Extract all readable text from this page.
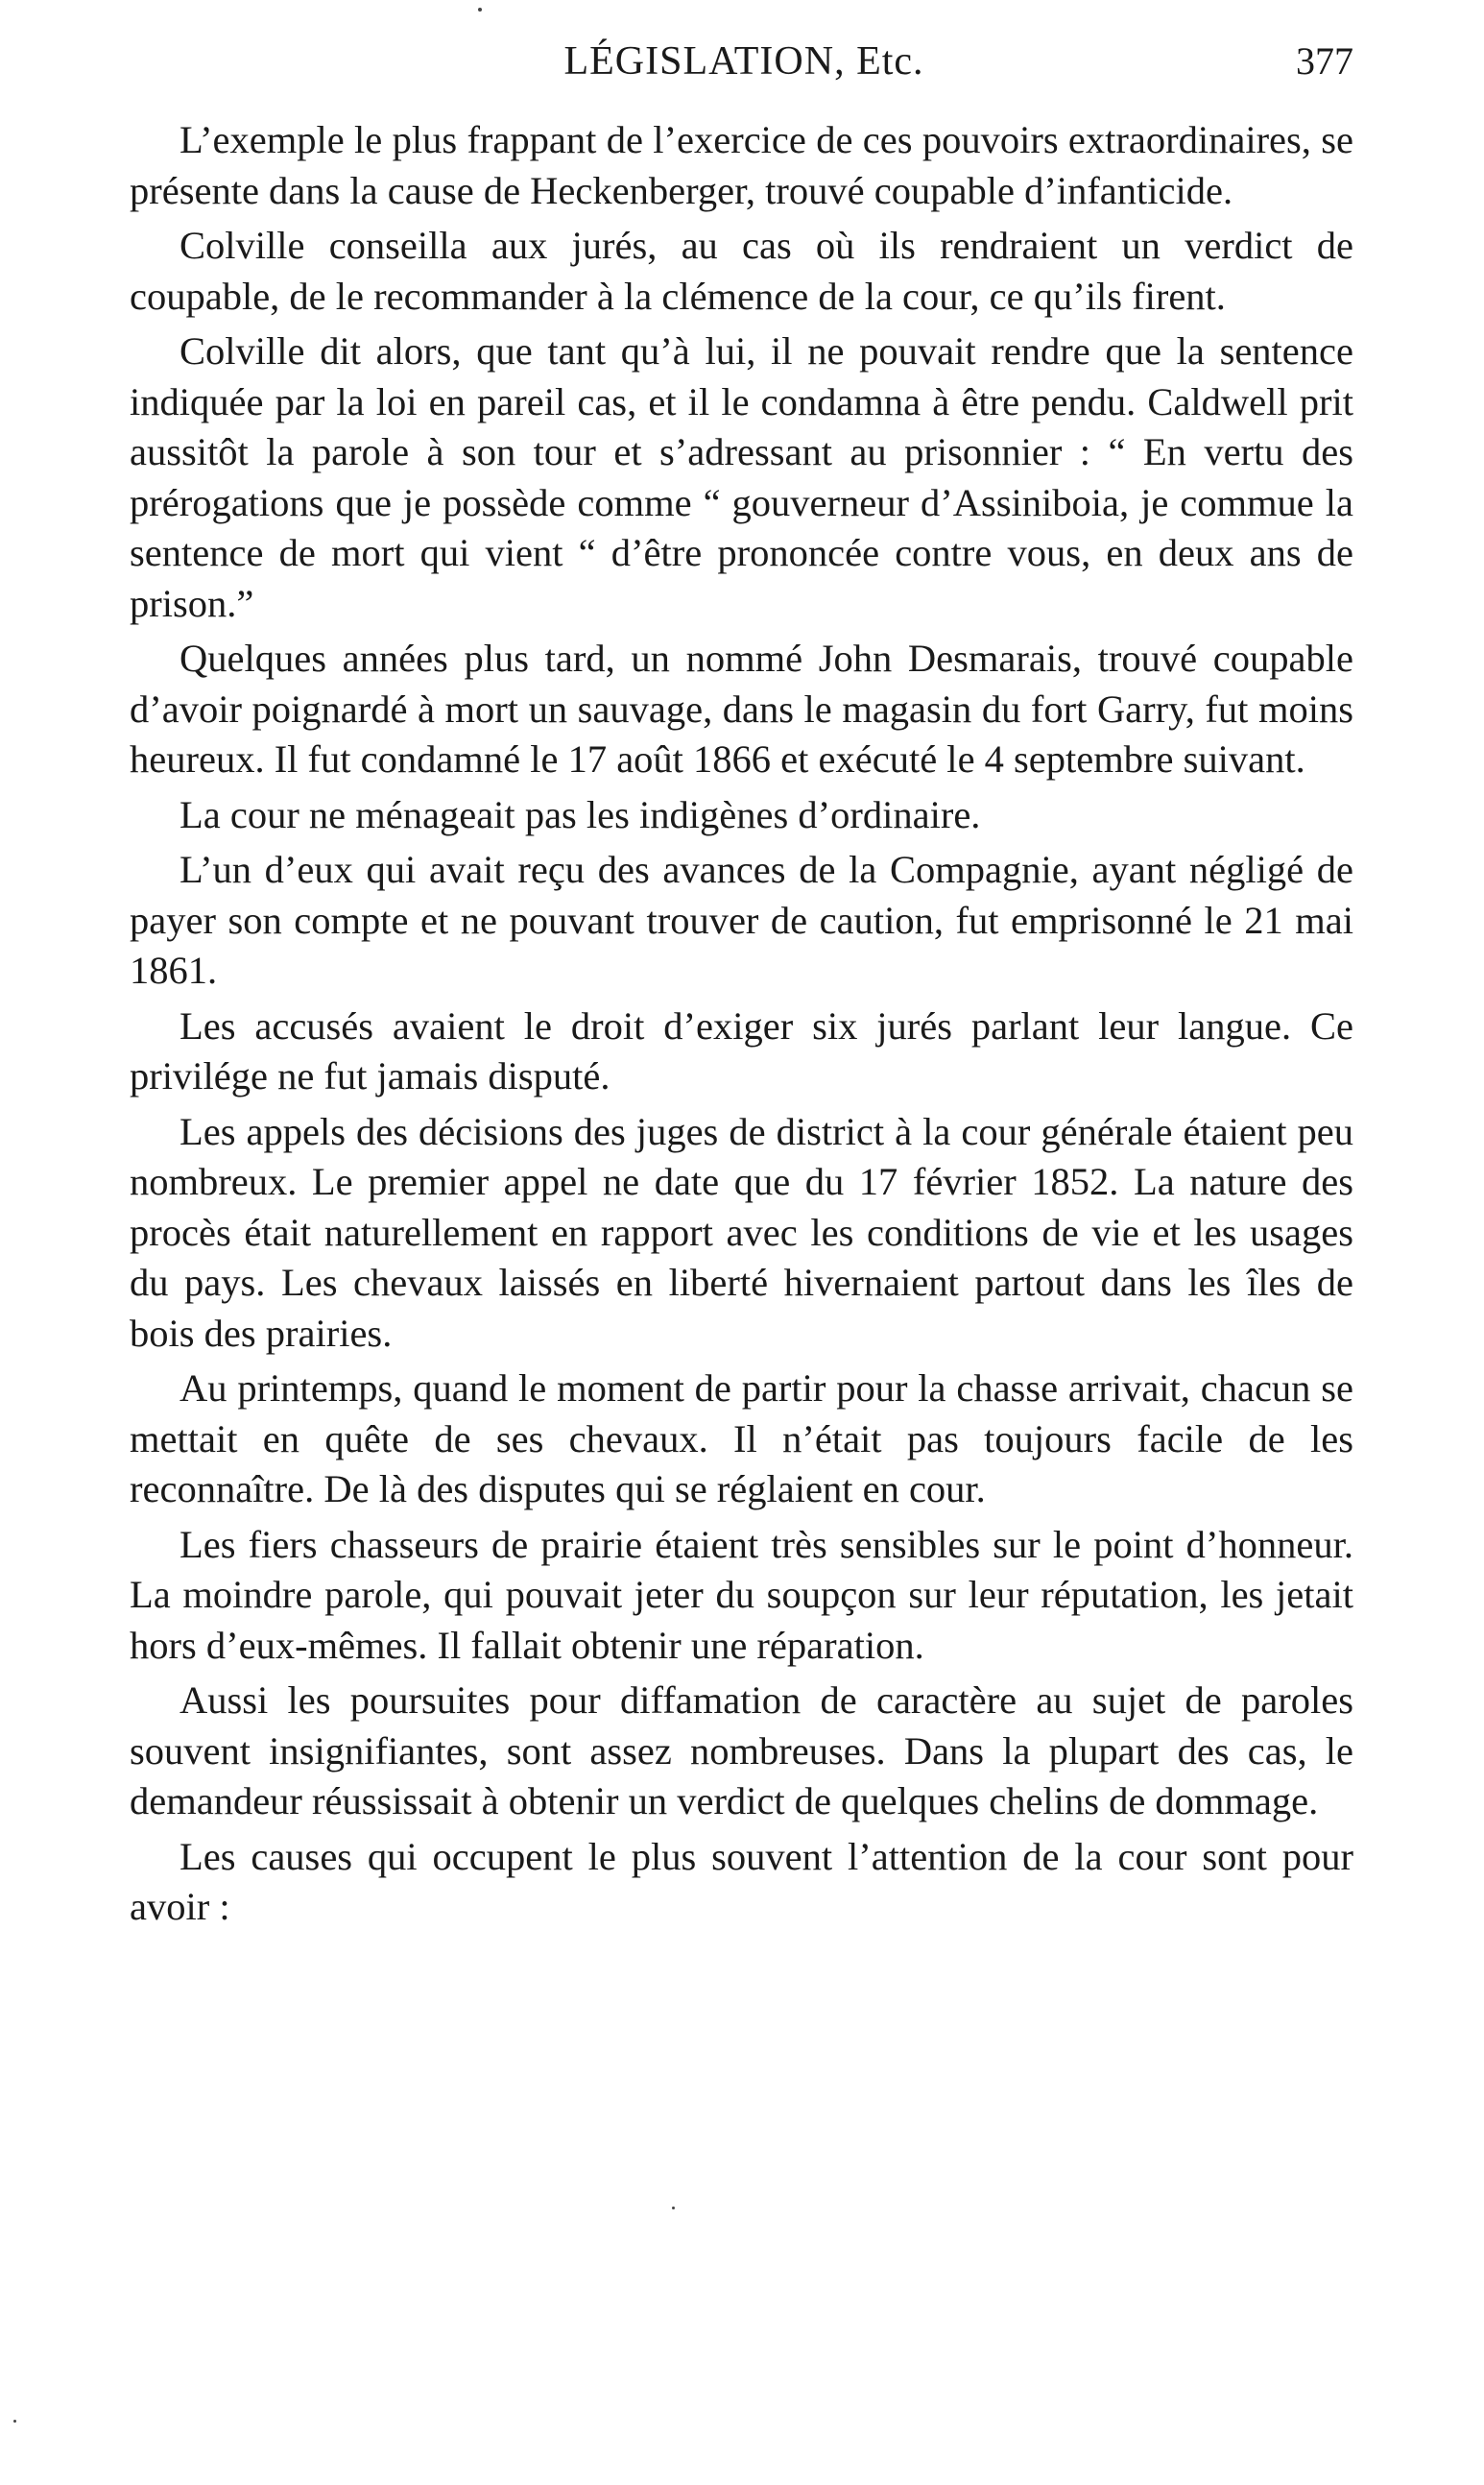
LÉGISLATION, Etc.	377

L’exemple le plus frappant de l’exercice de ces pouvoirs extraordinaires, se présente dans la cause de Heckenberger, trouvé coupable d’infanticide.

Colville conseilla aux jurés, au cas où ils rendraient un verdict de coupable, de le recommander à la clémence de la cour, ce qu’ils firent.

Colville dit alors, que tant qu’à lui, il ne pouvait rendre que la sentence indiquée par la loi en pareil cas, et il le condamna à être pendu. Caldwell prit aussitôt la parole à son tour et s’adressant au prisonnier : “ En vertu des prérogations que je possède comme “ gouverneur d’Assiniboia, je commue la sentence de mort qui vient “ d’être prononcée contre vous, en deux ans de prison.”

Quelques années plus tard, un nommé John Desmarais, trouvé coupable d’avoir poignardé à mort un sauvage, dans le magasin du fort Garry, fut moins heureux. Il fut condamné le 17 août 1866 et exécuté le 4 septembre suivant.

La cour ne ménageait pas les indigènes d’ordinaire.

L’un d’eux qui avait reçu des avances de la Compagnie, ayant négligé de payer son compte et ne pouvant trouver de caution, fut emprisonné le 21 mai 1861.

Les accusés avaient le droit d’exiger six jurés parlant leur langue. Ce privilége ne fut jamais disputé.

Les appels des décisions des juges de district à la cour générale étaient peu nombreux. Le premier appel ne date que du 17 février 1852. La nature des procès était naturellement en rapport avec les conditions de vie et les usages du pays. Les chevaux laissés en liberté hivernaient partout dans les îles de bois des prairies.

Au printemps, quand le moment de partir pour la chasse arrivait, chacun se mettait en quête de ses chevaux. Il n’était pas toujours facile de les reconnaître. De là des disputes qui se réglaient en cour.

Les fiers chasseurs de prairie étaient très sensibles sur le point d’honneur. La moindre parole, qui pouvait jeter du soupçon sur leur réputation, les jetait hors d’eux-mêmes. Il fallait obtenir une réparation.

Aussi les poursuites pour diffamation de caractère au sujet de paroles souvent insignifiantes, sont assez nombreuses. Dans la plupart des cas, le demandeur réussissait à obtenir un verdict de quelques chelins de dommage.

Les causes qui occupent le plus souvent l’attention de la cour sont pour avoir :
